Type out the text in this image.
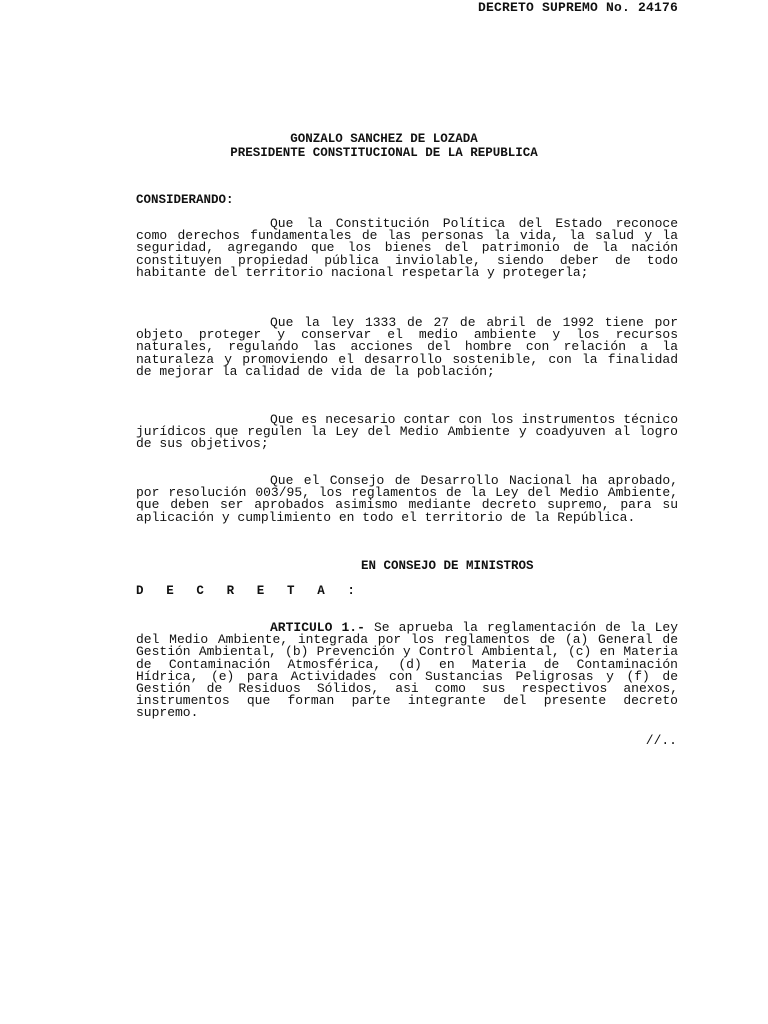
DECRETO SUPREMO No. 24176
GONZALO SANCHEZ DE LOZADA
PRESIDENTE CONSTITUCIONAL DE LA REPUBLICA
CONSIDERANDO:

Que la Constitución Política del Estado reconoce como derechos fundamentales de las personas la vida, la salud y la seguridad, agregando que los bienes del patrimonio de la nación constituyen propiedad pública inviolable, siendo deber de todo habitante del territorio nacional respetarla y protegerla;

Que la ley 1333 de 27 de abril de 1992 tiene por objeto proteger y conservar el medio ambiente y los recursos naturales, regulando las acciones del hombre con relación a la naturaleza y promoviendo el desarrollo sostenible, con la finalidad de mejorar la calidad de vida de la población;

Que es necesario contar con los instrumentos técnico jurídicos que regulen la Ley del Medio Ambiente y coadyuven al logro de sus objetivos;

Que el Consejo de Desarrollo Nacional ha aprobado, por resolución 003/95, los reglamentos de la Ley del Medio Ambiente, que deben ser aprobados asimismo mediante decreto supremo, para su aplicación y cumplimiento en todo el territorio de la República.

EN CONSEJO DE MINISTROS
D E C R E T A :

ARTICULO 1.- Se aprueba la reglamentación de la Ley del Medio Ambiente, integrada por los reglamentos de (a) General de Gestión Ambiental, (b) Prevención y Control Ambiental, (c) en Materia de Contaminación Atmosférica, (d) en Materia de Contaminación Hídrica, (e) para Actividades con Sustancias Peligrosas y (f) de Gestión de Residuos Sólidos, asi como sus respectivos anexos, instrumentos que forman parte integrante del presente decreto supremo.

//..
